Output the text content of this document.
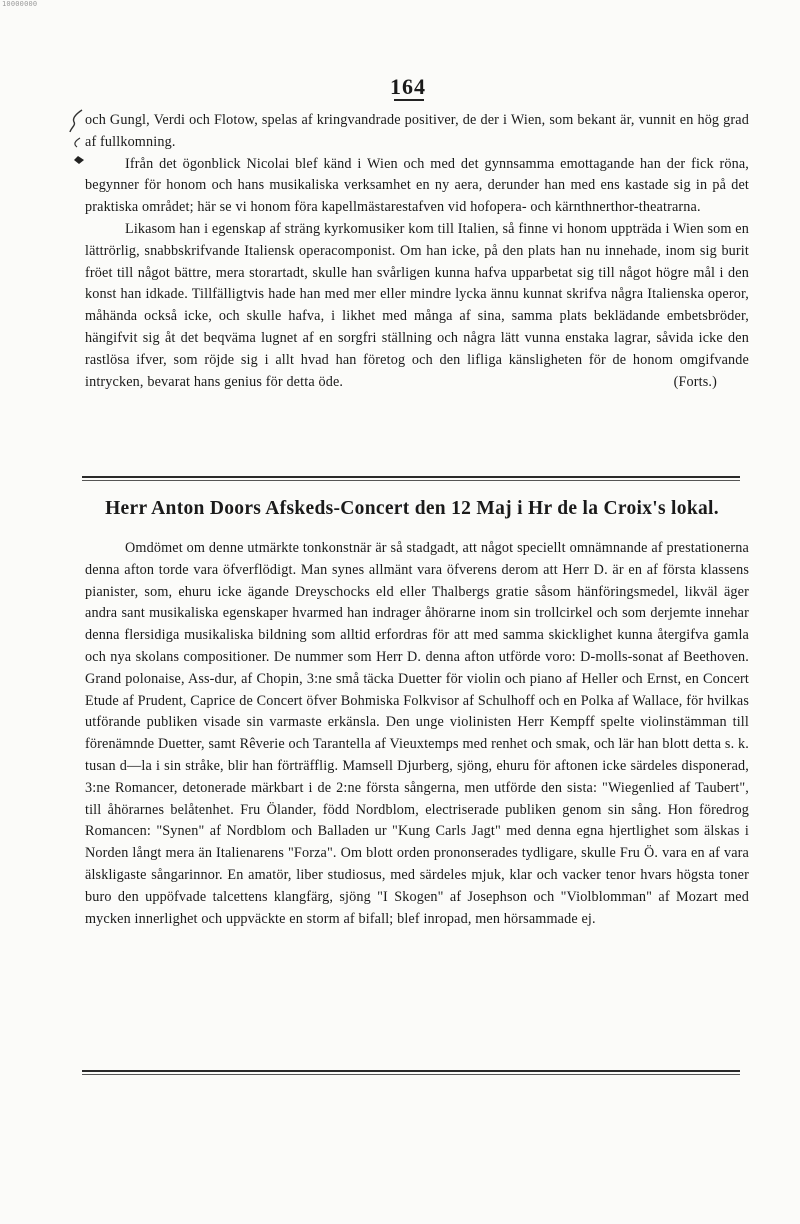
10000000
164

och Gungl, Verdi och Flotow, spelas af kringvandrade positiver, de der i Wien, som bekant är, vunnit en hög grad af fullkomning.

Ifrån det ögonblick Nicolai blef känd i Wien och med det gynnsamma emottagande han der fick röna, begynner för honom och hans musikaliska verksamhet en ny aera, derunder han med ens kastade sig in på det praktiska området; här se vi honom föra kapellmästarestafven vid hofopera- och kärnthnerthor-theatrarna.

Likasom han i egenskap af sträng kyrkomusiker kom till Italien, så finne vi honom uppträda i Wien som en lättrörlig, snabbskrifvande Italiensk operacomponist. Om han icke, på den plats han nu innehade, inom sig burit fröet till något bättre, mera storartadt, skulle han svårligen kunna hafva upparbetat sig till något högre mål i den konst han idkade. Tillfälligtvis hade han med mer eller mindre lycka ännu kunnat skrifva några Italienska operor, måhända också icke, och skulle hafva, i likhet med många af sina, samma plats beklädande embetsbröder, hängifvit sig åt det beqväma lugnet af en sorgfri ställning och några lätt vunna enstaka lagrar, såvida icke den rastlösa ifver, som röjde sig i allt hvad han företog och den lifliga känsligheten för de honom omgifvande intrycken, bevarat hans genius för detta öde.	(Forts.)

Herr Anton Doors Afskeds-Concert den 12 Maj i Hr de la Croix's lokal.

Omdömet om denne utmärkte tonkonstnär är så stadgadt, att något speciellt omnämnande af prestationerna denna afton torde vara öfverflödigt. Man synes allmänt vara öfverens derom att Herr D. är en af första klassens pianister, som, ehuru icke ägande Dreyschocks eld eller Thalbergs gratie såsom hänföringsmedel, likväl äger andra sant musikaliska egenskaper hvarmed han indrager åhörarne inom sin trollcirkel och som derjemte innehar denna flersidiga musikaliska bildning som alltid erfordras för att med samma skicklighet kunna återgifva gamla och nya skolans compositioner. De nummer som Herr D. denna afton utförde voro: D-molls-sonat af Beethoven. Grand polonaise, Ass-dur, af Chopin, 3:ne små täcka Duetter för violin och piano af Heller och Ernst, en Concert Etude af Prudent, Caprice de Concert öfver Bohmiska Folkvisor af Schulhoff och en Polka af Wallace, för hvilkas utförande publiken visade sin varmaste erkänsla. Den unge violinisten Herr Kempff spelte violinstämman till förenämnde Duetter, samt Rêverie och Tarantella af Vieuxtemps med renhet och smak, och lär han blott detta s. k. tusan d—la i sin stråke, blir han förträfflig. Mamsell Djurberg, sjöng, ehuru för aftonen icke särdeles disponerad, 3:ne Romancer, detonerade märkbart i de 2:ne första sångerna, men utförde den sista: "Wiegenlied af Taubert", till åhörarnes belåtenhet. Fru Ölander, född Nordblom, electriserade publiken genom sin sång. Hon föredrog Romancen: "Synen" af Nordblom och Balladen ur "Kung Carls Jagt" med denna egna hjertlighet som älskas i Norden långt mera än Italienarens "Forza". Om blott orden prononserades tydligare, skulle Fru Ö. vara en af vara älskligaste sångarinnor. En amatör, liber studiosus, med särdeles mjuk, klar och vacker tenor hvars högsta toner buro den uppöfvade talcettens klangfärg, sjöng "I Skogen" af Josephson och "Violblomman" af Mozart med mycken innerlighet och uppväckte en storm af bifall; blef inropad, men hörsammade ej.
